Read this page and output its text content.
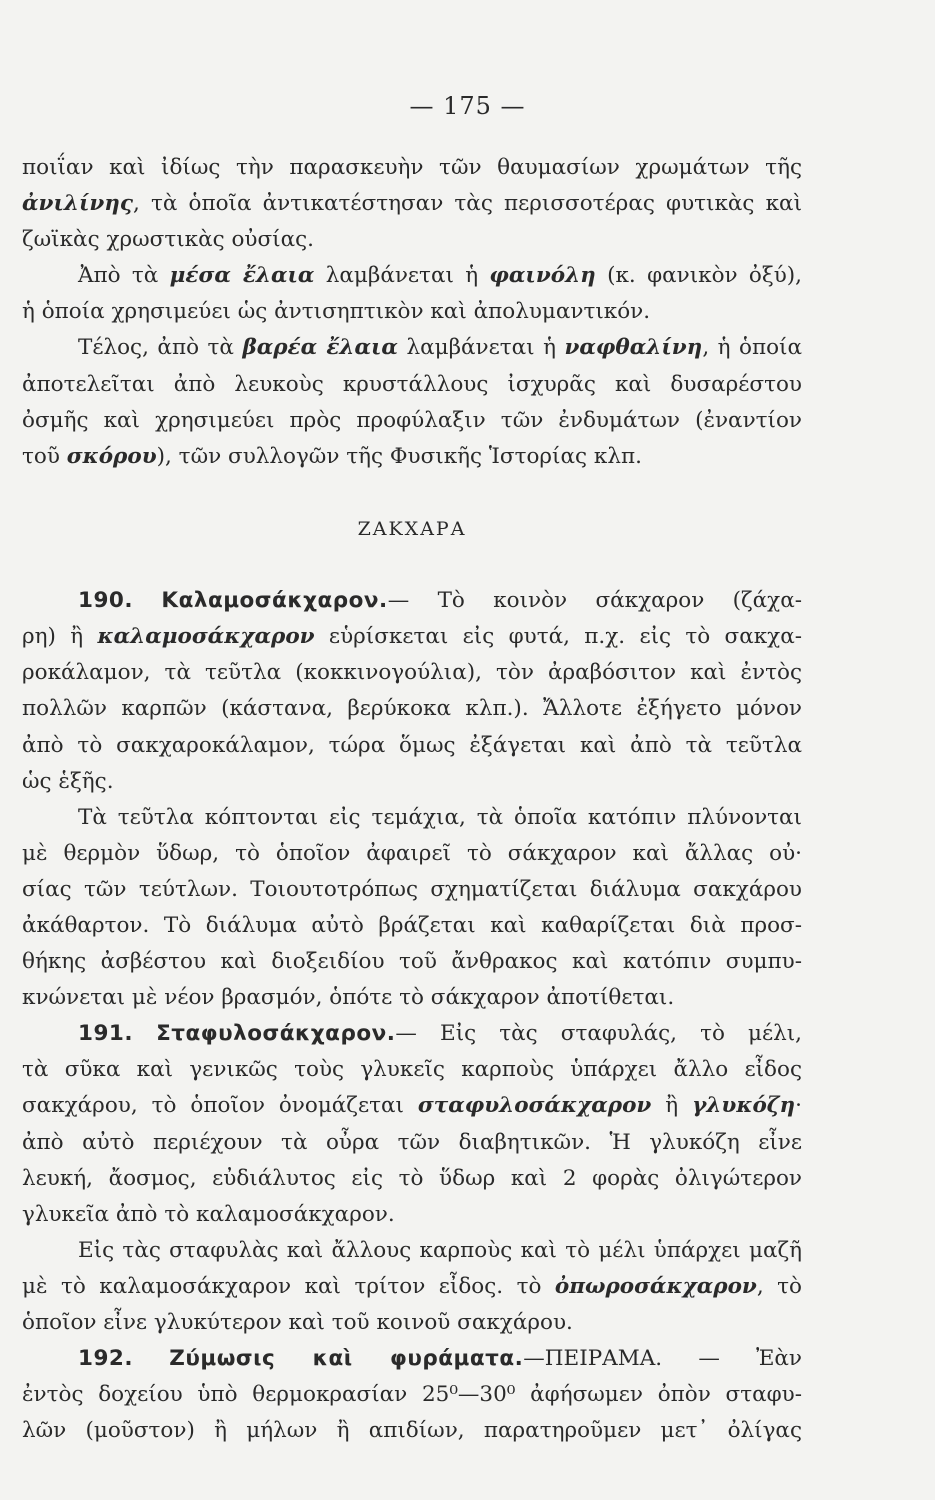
— 175 —
ποιΐαν καὶ ἰδίως τὴν παρασκευὴν τῶν θαυμασίων χρωμάτων τῆς
ἀνιλίνης, τὰ ὁποῖα ἀντικατέστησαν τὰς περισσοτέρας φυτικὰς καὶ
ζωϊκὰς χρωστικὰς οὐσίας.
Ἀπὸ τὰ μέσα ἔλαια λαμβάνεται ἡ φαινόλη (κ. φανικὸν ὀξύ),
ἡ ὁποία χρησιμεύει ὡς ἀντισηπτικὸν καὶ ἀπολυμαντικόν.
Τέλος, ἀπὸ τὰ βαρέα ἔλαια λαμβάνεται ἡ ναφθαλίνη, ἡ ὁποία
ἀποτελεῖται ἀπὸ λευκοὺς κρυστάλλους ἰσχυρᾶς καὶ δυσαρέστου
ὀσμῆς καὶ χρησιμεύει πρὸς προφύλαξιν τῶν ἐνδυμάτων (ἐναντίον
τοῦ σκόρου), τῶν συλλογῶν τῆς Φυσικῆς Ἱστορίας κλπ.
ΖΑΚΧΑΡΑ
190. Καλαμοσάκχαρον.— Τὸ κοινὸν σάκχαρον (ζάχα-
ρη) ἢ καλαμοσάκχαρον εὑρίσκεται εἰς φυτά, π.χ. εἰς τὸ σακχα-
ροκάλαμον, τὰ τεῦτλα (κοκκινογούλια), τὸν ἀραβόσιτον καὶ ἐντὸς
πολλῶν καρπῶν (κάστανα, βερύκοκα κλπ.). Ἄλλοτε ἐξήγετο μόνον
ἀπὸ τὸ σακχαροκάλαμον, τώρα ὅμως ἐξάγεται καὶ ἀπὸ τὰ τεῦτλα
ὡς ἑξῆς.
Τὰ τεῦτλα κόπτονται εἰς τεμάχια, τὰ ὁποῖα κατόπιν πλύνονται
μὲ θερμὸν ὕδωρ, τὸ ὁποῖον ἀφαιρεῖ τὸ σάκχαρον καὶ ἄλλας οὐ·
σίας τῶν τεύτλων. Τοιουτοτρόπως σχηματίζεται διάλυμα σακχάρου
ἀκάθαρτον. Τὸ διάλυμα αὐτὸ βράζεται καὶ καθαρίζεται διὰ προσ-
θήκης ἀσβέστου καὶ διοξειδίου τοῦ ἄνθρακος καὶ κατόπιν συμπυ-
κνώνεται μὲ νέον βρασμόν, ὁπότε τὸ σάκχαρον ἀποτίθεται.
191. Σταφυλοσάκχαρον.— Εἰς τὰς σταφυλάς, τὸ μέλι,
τὰ σῦκα καὶ γενικῶς τοὺς γλυκεῖς καρποὺς ὑπάρχει ἄλλο εἶδος
σακχάρου, τὸ ὁποῖον ὀνομάζεται σταφυλοσάκχαρον ἢ γλυκόζη·
ἀπὸ αὐτὸ περιέχουν τὰ οὖρα τῶν διαβητικῶν. Ἡ γλυκόζη εἶνε
λευκή, ἄοσμος, εὐδιάλυτος εἰς τὸ ὕδωρ καὶ 2 φορὰς ὀλιγώτερον
γλυκεῖα ἀπὸ τὸ καλαμοσάκχαρον.
Εἰς τὰς σταφυλὰς καὶ ἄλλους καρποὺς καὶ τὸ μέλι ὑπάρχει μαζῆ
μὲ τὸ καλαμοσάκχαρον καὶ τρίτον εἶδος. τὸ ὀπωροσάκχαρον, τὸ
ὁποῖον εἶνε γλυκύτερον καὶ τοῦ κοινοῦ σακχάρου.
192. Ζύμωσις καὶ φυράματα.—ΠΕΙΡΑΜΑ. — Ἐὰν
ἐντὸς δοχείου ὑπὸ θερμοκρασίαν 25⁰—30⁰ ἀφήσωμεν ὀπὸν σταφυ-
λῶν (μοῦστον) ἢ μήλων ἢ απιδίων, παρατηροῦμεν μετ᾽ ὀλίγας
